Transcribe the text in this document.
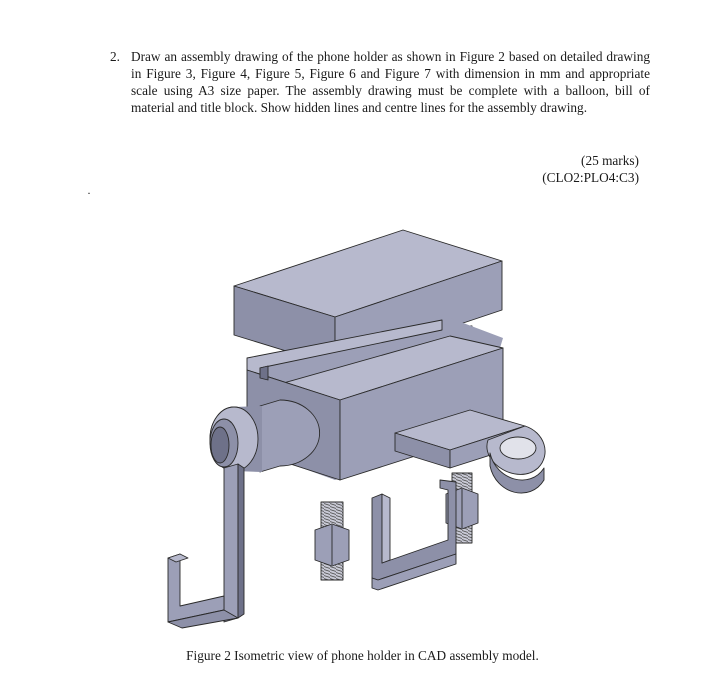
2. Draw an assembly drawing of the phone holder as shown in Figure 2 based on detailed drawing in Figure 3, Figure 4, Figure 5, Figure 6 and Figure 7 with dimension in mm and appropriate scale using A3 size paper. The assembly drawing must be complete with a balloon, bill of material and title block. Show hidden lines and centre lines for the assembly drawing.
(25 marks)
(CLO2:PLO4:C3)
·
Figure 2 Isometric view of phone holder in CAD assembly model.
